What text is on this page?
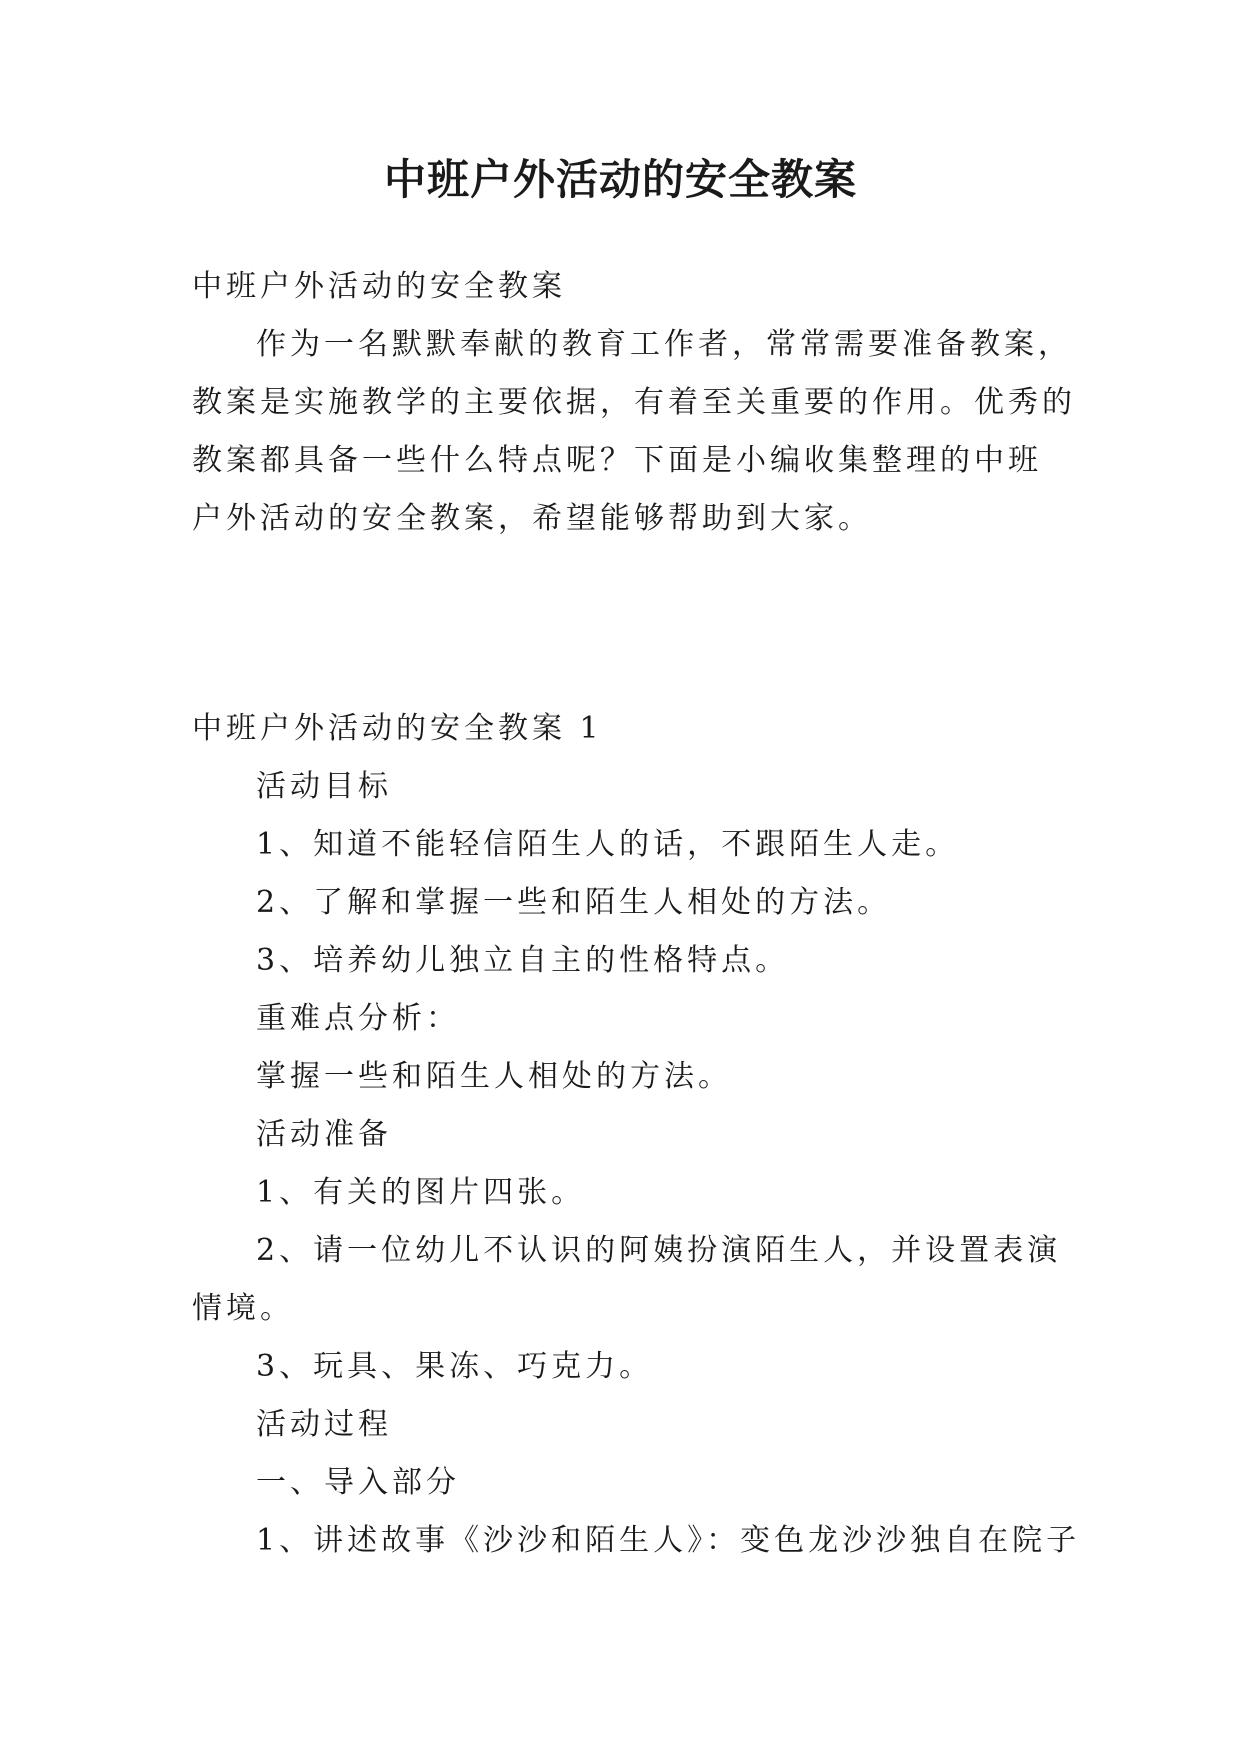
中班户外活动的安全教案
中班户外活动的安全教案
作为一名默默奉献的教育工作者，常常需要准备教案，
教案是实施教学的主要依据，有着至关重要的作用。优秀的
教案都具备一些什么特点呢？下面是小编收集整理的中班
户外活动的安全教案，希望能够帮助到大家。
中班户外活动的安全教案 1
活动目标
1、知道不能轻信陌生人的话，不跟陌生人走。
2、了解和掌握一些和陌生人相处的方法。
3、培养幼儿独立自主的性格特点。
重难点分析：
掌握一些和陌生人相处的方法。
活动准备
1、有关的图片四张。
2、请一位幼儿不认识的阿姨扮演陌生人，并设置表演
情境。
3、玩具、果冻、巧克力。
活动过程
一、导入部分
1、讲述故事《沙沙和陌生人》：变色龙沙沙独自在院子
